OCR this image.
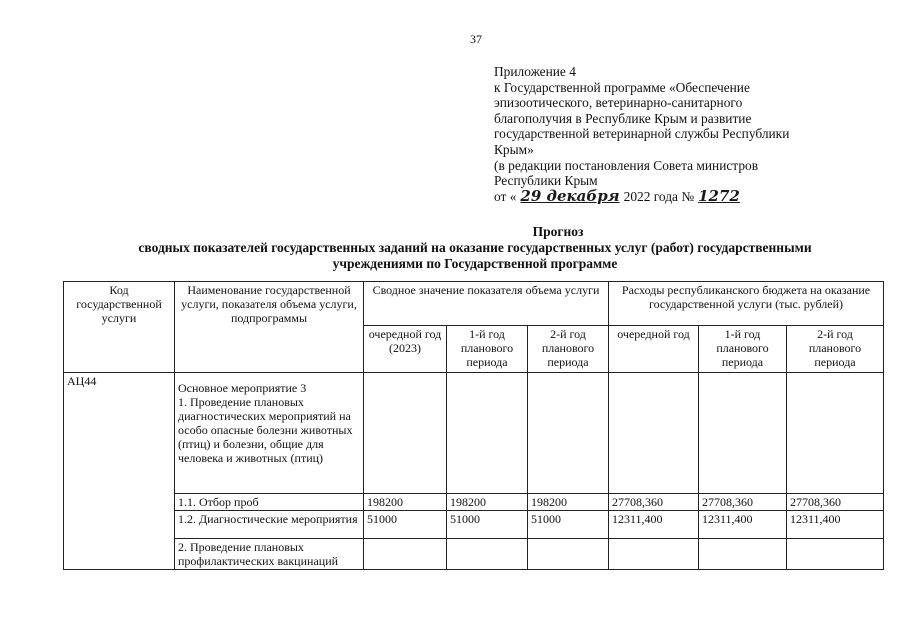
37
Приложение 4
к Государственной программе «Обеспечение
эпизоотического, ветеринарно-санитарного
благополучия в Республике Крым и развитие
государственной ветеринарной службы Республики
Крым»
(в редакции постановления Совета министров
Республики Крым
от « 29 декабря 2022 года № 1272
Прогноз
сводных показателей государственных заданий на оказание государственных услуг (работ) государственными
учреждениями по Государственной программе
Код государственной услуги	Наименование государственной услуги, показателя объема услуги, подпрограммы	Сводное значение показателя объема услуги			Расходы республиканского бюджета на оказание государственной услуги (тыс. рублей)		
		очередной год (2023)	1-й год планового периода	2-й год планового периода	очередной год	1-й год планового периода	2-й год планового периода
АЦ44	Основное мероприятие 3
1. Проведение плановых диагностических мероприятий на особо опасные болезни животных (птиц) и болезни, общие для человека и животных (птиц)						

	1.1. Отбор проб	198200	198200	198200	27708,360	27708,360	27708,360
	1.2. Диагностические мероприятия	51000	51000	51000	12311,400	12311,400	12311,400
	2. Проведение плановых профилактических вакцинаций						
